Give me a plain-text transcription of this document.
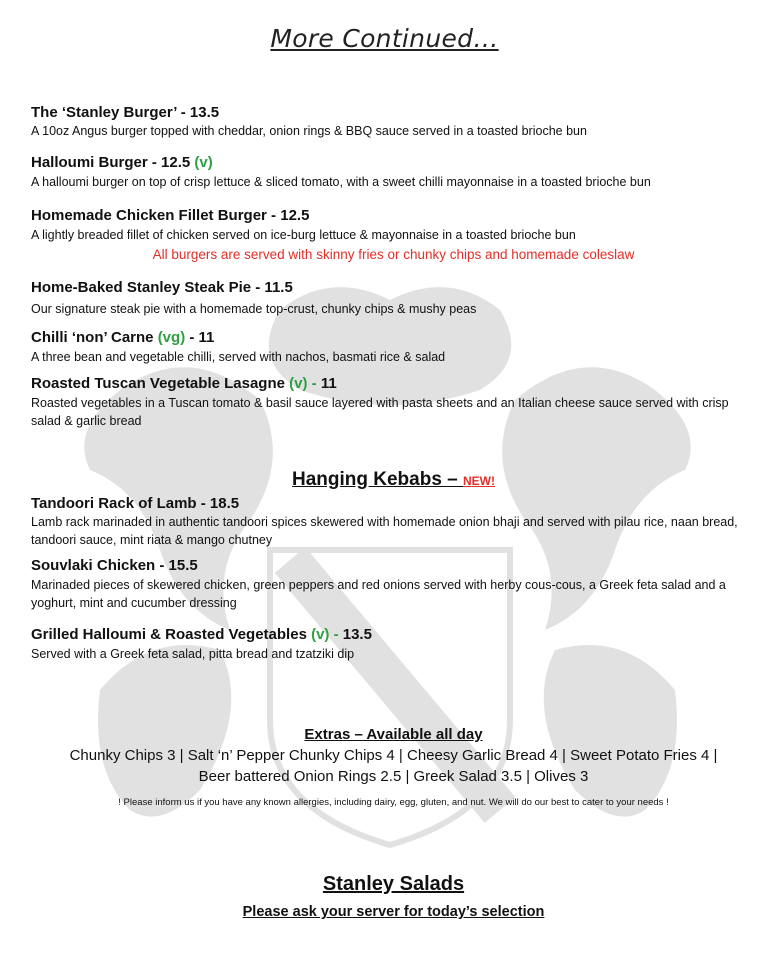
More Continued…
The ‘Stanley Burger’ - 13.5
A 10oz Angus burger topped with cheddar, onion rings & BBQ sauce served in a toasted brioche bun
Halloumi Burger - 12.5 (v)
A halloumi burger on top of crisp lettuce & sliced tomato, with a sweet chilli mayonnaise in a toasted brioche bun
Homemade Chicken Fillet Burger - 12.5
A lightly breaded fillet of chicken served on ice-burg lettuce & mayonnaise in a toasted brioche bun
All burgers are served with skinny fries or chunky chips and homemade coleslaw
Home-Baked Stanley Steak Pie - 11.5
Our signature steak pie with a homemade top-crust, chunky chips & mushy peas
Chilli ‘non’ Carne (vg) - 11
A three bean and vegetable chilli, served with nachos, basmati rice & salad
Roasted Tuscan Vegetable Lasagne (v) - 11
Roasted vegetables in a Tuscan tomato & basil sauce layered with pasta sheets and an Italian cheese sauce served with crisp salad & garlic bread
Hanging Kebabs – NEW!
Tandoori Rack of Lamb - 18.5
Lamb rack marinaded in authentic tandoori spices skewered with homemade onion bhaji and served with pilau rice, naan bread, tandoori sauce, mint riata & mango chutney
Souvlaki Chicken - 15.5
Marinaded pieces of skewered chicken, green peppers and red onions served with herby cous-cous, a Greek feta salad and a yoghurt, mint and cucumber dressing
Grilled Halloumi & Roasted Vegetables (v) - 13.5
Served with a Greek feta salad, pitta bread and tzatziki dip
Extras – Available all day
Chunky Chips 3 | Salt ‘n’ Pepper Chunky Chips 4 | Cheesy Garlic Bread 4 | Sweet Potato Fries 4 |
Beer battered Onion Rings 2.5 | Greek Salad 3.5 | Olives 3
! Please inform us if you have any known allergies, including dairy, egg, gluten, and nut. We will do our best to cater to your needs !
Stanley Salads
Please ask your server for today’s selection
